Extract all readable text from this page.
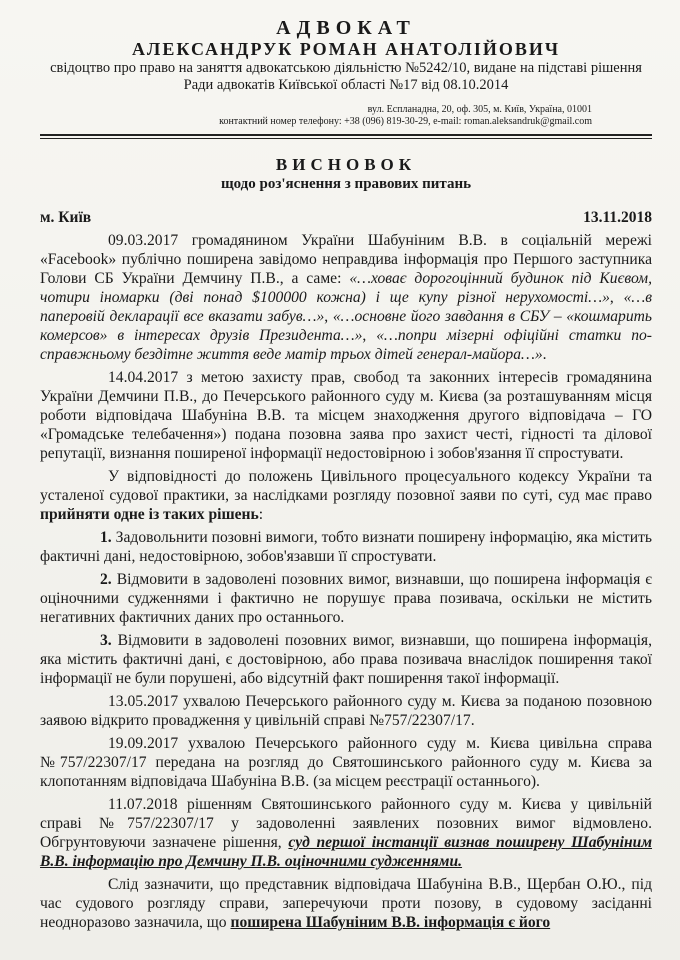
АДВОКАТ

АЛЕКСАНДРУК РОМАН АНАТОЛІЙОВИЧ

свідоцтво про право на заняття адвокатською діяльністю №5242/10, видане на підставі рішення

Ради адвокатів Київської області №17 від 08.10.2014

вул. Еспланадна, 20, оф. 305, м. Київ, Україна, 01001
контактний номер телефону: +38 (096) 819-30-29, e-mail: roman.aleksandruk@gmail.com

ВИСНОВОК

щодо роз'яснення з правових питань

м. Київ	13.11.2018

09.03.2017 громадянином України Шабуніним В.В. в соціальній мережі «Facebook» публічно поширена завідомо неправдива інформація про Першого заступника Голови СБ України Демчину П.В., а саме: «…ховає дорогоцінний будинок під Києвом, чотири іномарки (дві понад $100000 кожна) і ще купу різної нерухомості…», «…в паперовій декларації все вказати забув…», «…основне його завдання в СБУ – «кошмарить комерсов» в інтересах друзів Президента…», «…попри мізерні офіційні статки по-справжньому бездітне життя веде матір трьох дітей генерал-майора…».

14.04.2017 з метою захисту прав, свобод та законних інтересів громадянина України Демчини П.В., до Печерського районного суду м. Києва (за розташуванням місця роботи відповідача Шабуніна В.В. та місцем знаходження другого відповідача – ГО «Громадське телебачення») подана позовна заява про захист честі, гідності та ділової репутації, визнання поширеної інформації недостовірною і зобов'язання її спростувати.

У відповідності до положень Цивільного процесуального кодексу України та усталеної судової практики, за наслідками розгляду позовної заяви по суті, суд має право прийняти одне із таких рішень:

1. Задовольнити позовні вимоги, тобто визнати поширену інформацію, яка містить фактичні дані, недостовірною, зобов'язавши її спростувати.

2. Відмовити в задоволені позовних вимог, визнавши, що поширена інформація є оціночними судженнями і фактично не порушує права позивача, оскільки не містить негативних фактичних даних про останнього.

3. Відмовити в задоволені позовних вимог, визнавши, що поширена інформація, яка містить фактичні дані, є достовірною, або права позивача внаслідок поширення такої інформації не були порушені, або відсутній факт поширення такої інформації.

13.05.2017 ухвалою Печерського районного суду м. Києва за поданою позовною заявою відкрито провадження у цивільній справі №757/22307/17.

19.09.2017 ухвалою Печерського районного суду м. Києва цивільна справа №757/22307/17 передана на розгляд до Святошинського районного суду м. Києва за клопотанням відповідача Шабуніна В.В. (за місцем реєстрації останнього).

11.07.2018 рішенням Святошинського районного суду м. Києва у цивільній справі №757/22307/17 у задоволенні заявлених позовних вимог відмовлено. Обгрунтовуючи зазначене рішення, суд першої інстанції визнав поширену Шабуніним В.В. інформацію про Демчину П.В. оціночними судженнями.

Слід зазначити, що представник відповідача Шабуніна В.В., Щербан О.Ю., під час судового розгляду справи, заперечуючи проти позову, в судовому засіданні неодноразово зазначила, що поширена Шабуніним В.В. інформація є його
